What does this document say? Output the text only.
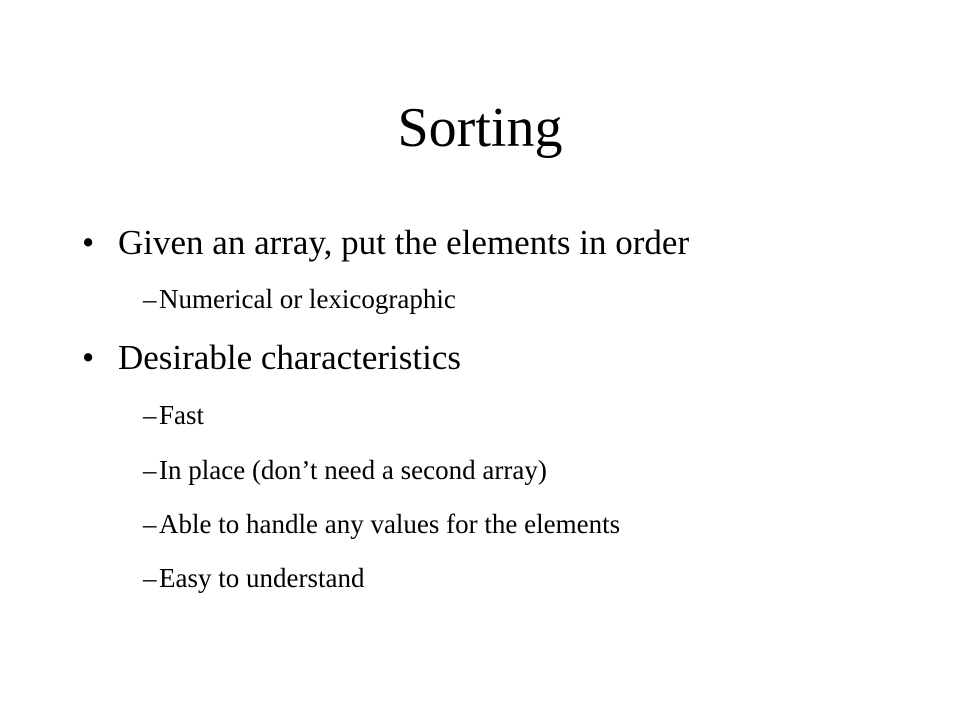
Sorting
• Given an array, put the elements in order
–Numerical or lexicographic
• Desirable characteristics
–Fast
–In place (don’t need a second array)
–Able to handle any values for the elements
–Easy to understand
